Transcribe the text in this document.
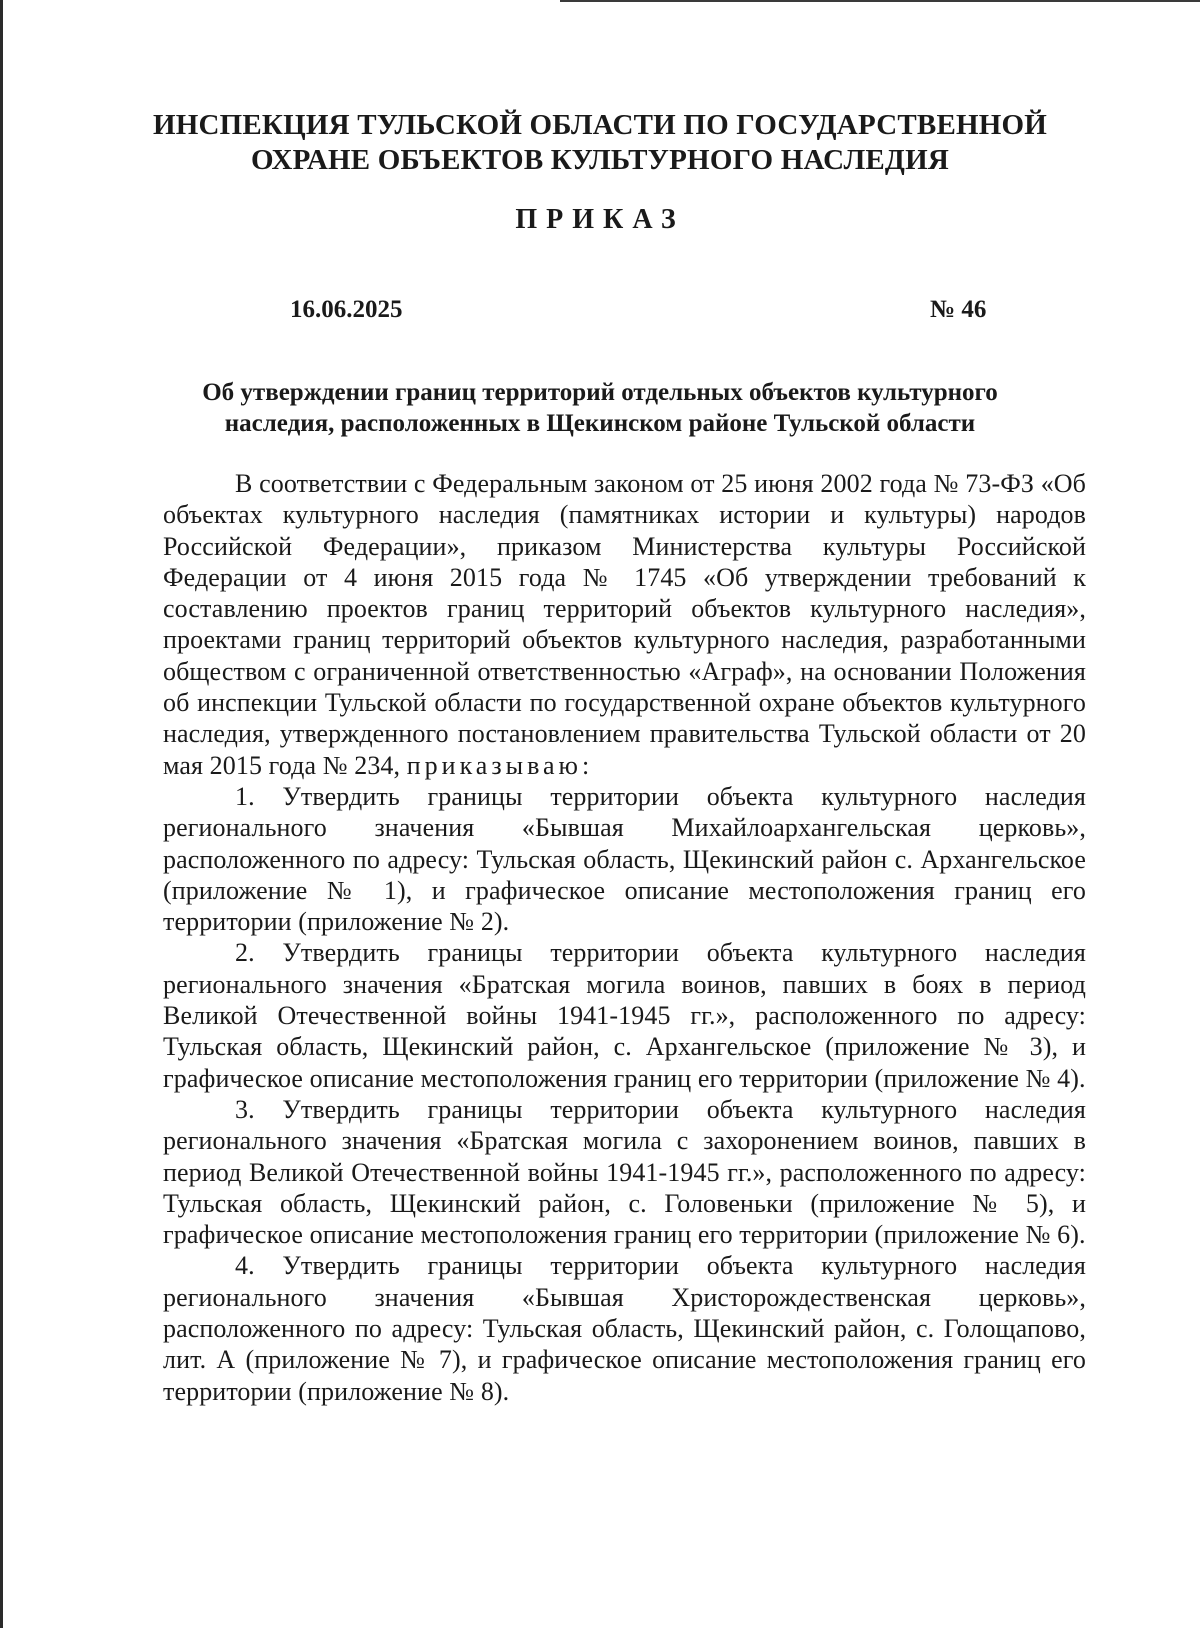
ИНСПЕКЦИЯ ТУЛЬСКОЙ ОБЛАСТИ ПО ГОСУДАРСТВЕННОЙ
ОХРАНЕ ОБЪЕКТОВ КУЛЬТУРНОГО НАСЛЕДИЯ
ПРИКАЗ
16.06.2025	№ 46
Об утверждении границ территорий отдельных объектов культурного
наследия, расположенных в Щекинском районе Тульской области

В соответствии с Федеральным законом от 25 июня 2002 года № 73-ФЗ «Об объектах культурного наследия (памятниках истории и культуры) народов Российской Федерации», приказом Министерства культуры Российской Федерации от 4 июня 2015 года № 1745 «Об утверждении требований к составлению проектов границ территорий объектов культурного наследия», проектами границ территорий объектов культурного наследия, разработанными обществом с ограниченной ответственностью «Аграф», на основании Положения об инспекции Тульской области по государственной охране объектов культурного наследия, утвержденного постановлением правительства Тульской области от 20 мая 2015 года № 234, приказываю:

1. Утвердить границы территории объекта культурного наследия регионального значения «Бывшая Михайлоархангельская церковь», расположенного по адресу: Тульская область, Щекинский район с. Архангельское (приложение № 1), и графическое описание местоположения границ его территории (приложение № 2).

2. Утвердить границы территории объекта культурного наследия регионального значения «Братская могила воинов, павших в боях в период Великой Отечественной войны 1941-1945 гг.», расположенного по адресу: Тульская область, Щекинский район, с. Архангельское (приложение № 3), и графическое описание местоположения границ его территории (приложение № 4).

3. Утвердить границы территории объекта культурного наследия регионального значения «Братская могила с захоронением воинов, павших в период Великой Отечественной войны 1941-1945 гг.», расположенного по адресу: Тульская область, Щекинский район, с. Головеньки (приложение № 5), и графическое описание местоположения границ его территории (приложение № 6).

4. Утвердить границы территории объекта культурного наследия регионального значения «Бывшая Христорождественская церковь», расположенного по адресу: Тульская область, Щекинский район, с. Голощапово, лит. А (приложение № 7), и графическое описание местоположения границ его территории (приложение № 8).
